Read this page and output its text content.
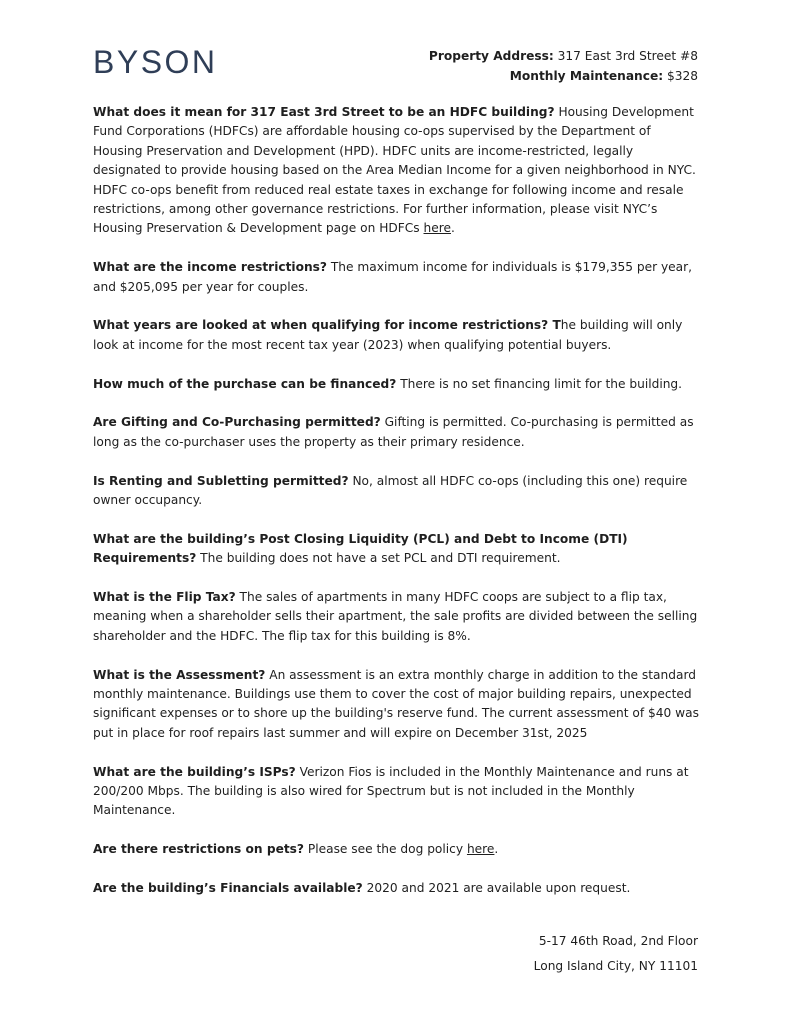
BYSON	Property Address: 317 East 3rd Street #8
Monthly Maintenance: $328

What does it mean for 317 East 3rd Street to be an HDFC building? Housing Development Fund Corporations (HDFCs) are affordable housing co-ops supervised by the Department of Housing Preservation and Development (HPD). HDFC units are income-restricted, legally designated to provide housing based on the Area Median Income for a given neighborhood in NYC. HDFC co-ops benefit from reduced real estate taxes in exchange for following income and resale restrictions, among other governance restrictions. For further information, please visit NYC’s Housing Preservation & Development page on HDFCs here.

What are the income restrictions? The maximum income for individuals is $179,355 per year, and $205,095 per year for couples.

What years are looked at when qualifying for income restrictions? The building will only look at income for the most recent tax year (2023) when qualifying potential buyers.

How much of the purchase can be financed? There is no set financing limit for the building.

Are Gifting and Co-Purchasing permitted? Gifting is permitted. Co-purchasing is permitted as long as the co-purchaser uses the property as their primary residence.

Is Renting and Subletting permitted? No, almost all HDFC co-ops (including this one) require owner occupancy.

What are the building’s Post Closing Liquidity (PCL) and Debt to Income (DTI) Requirements? The building does not have a set PCL and DTI requirement.

What is the Flip Tax? The sales of apartments in many HDFC coops are subject to a flip tax, meaning when a shareholder sells their apartment, the sale profits are divided between the selling shareholder and the HDFC. The flip tax for this building is 8%.

What is the Assessment? An assessment is an extra monthly charge in addition to the standard monthly maintenance. Buildings use them to cover the cost of major building repairs, unexpected significant expenses or to shore up the building's reserve fund. The current assessment of $40 was put in place for roof repairs last summer and will expire on December 31st, 2025

What are the building’s ISPs? Verizon Fios is included in the Monthly Maintenance and runs at 200/200 Mbps. The building is also wired for Spectrum but is not included in the Monthly Maintenance.

Are there restrictions on pets? Please see the dog policy here.

Are the building’s Financials available? 2020 and 2021 are available upon request.

5-17 46th Road, 2nd Floor
Long Island City, NY 11101
